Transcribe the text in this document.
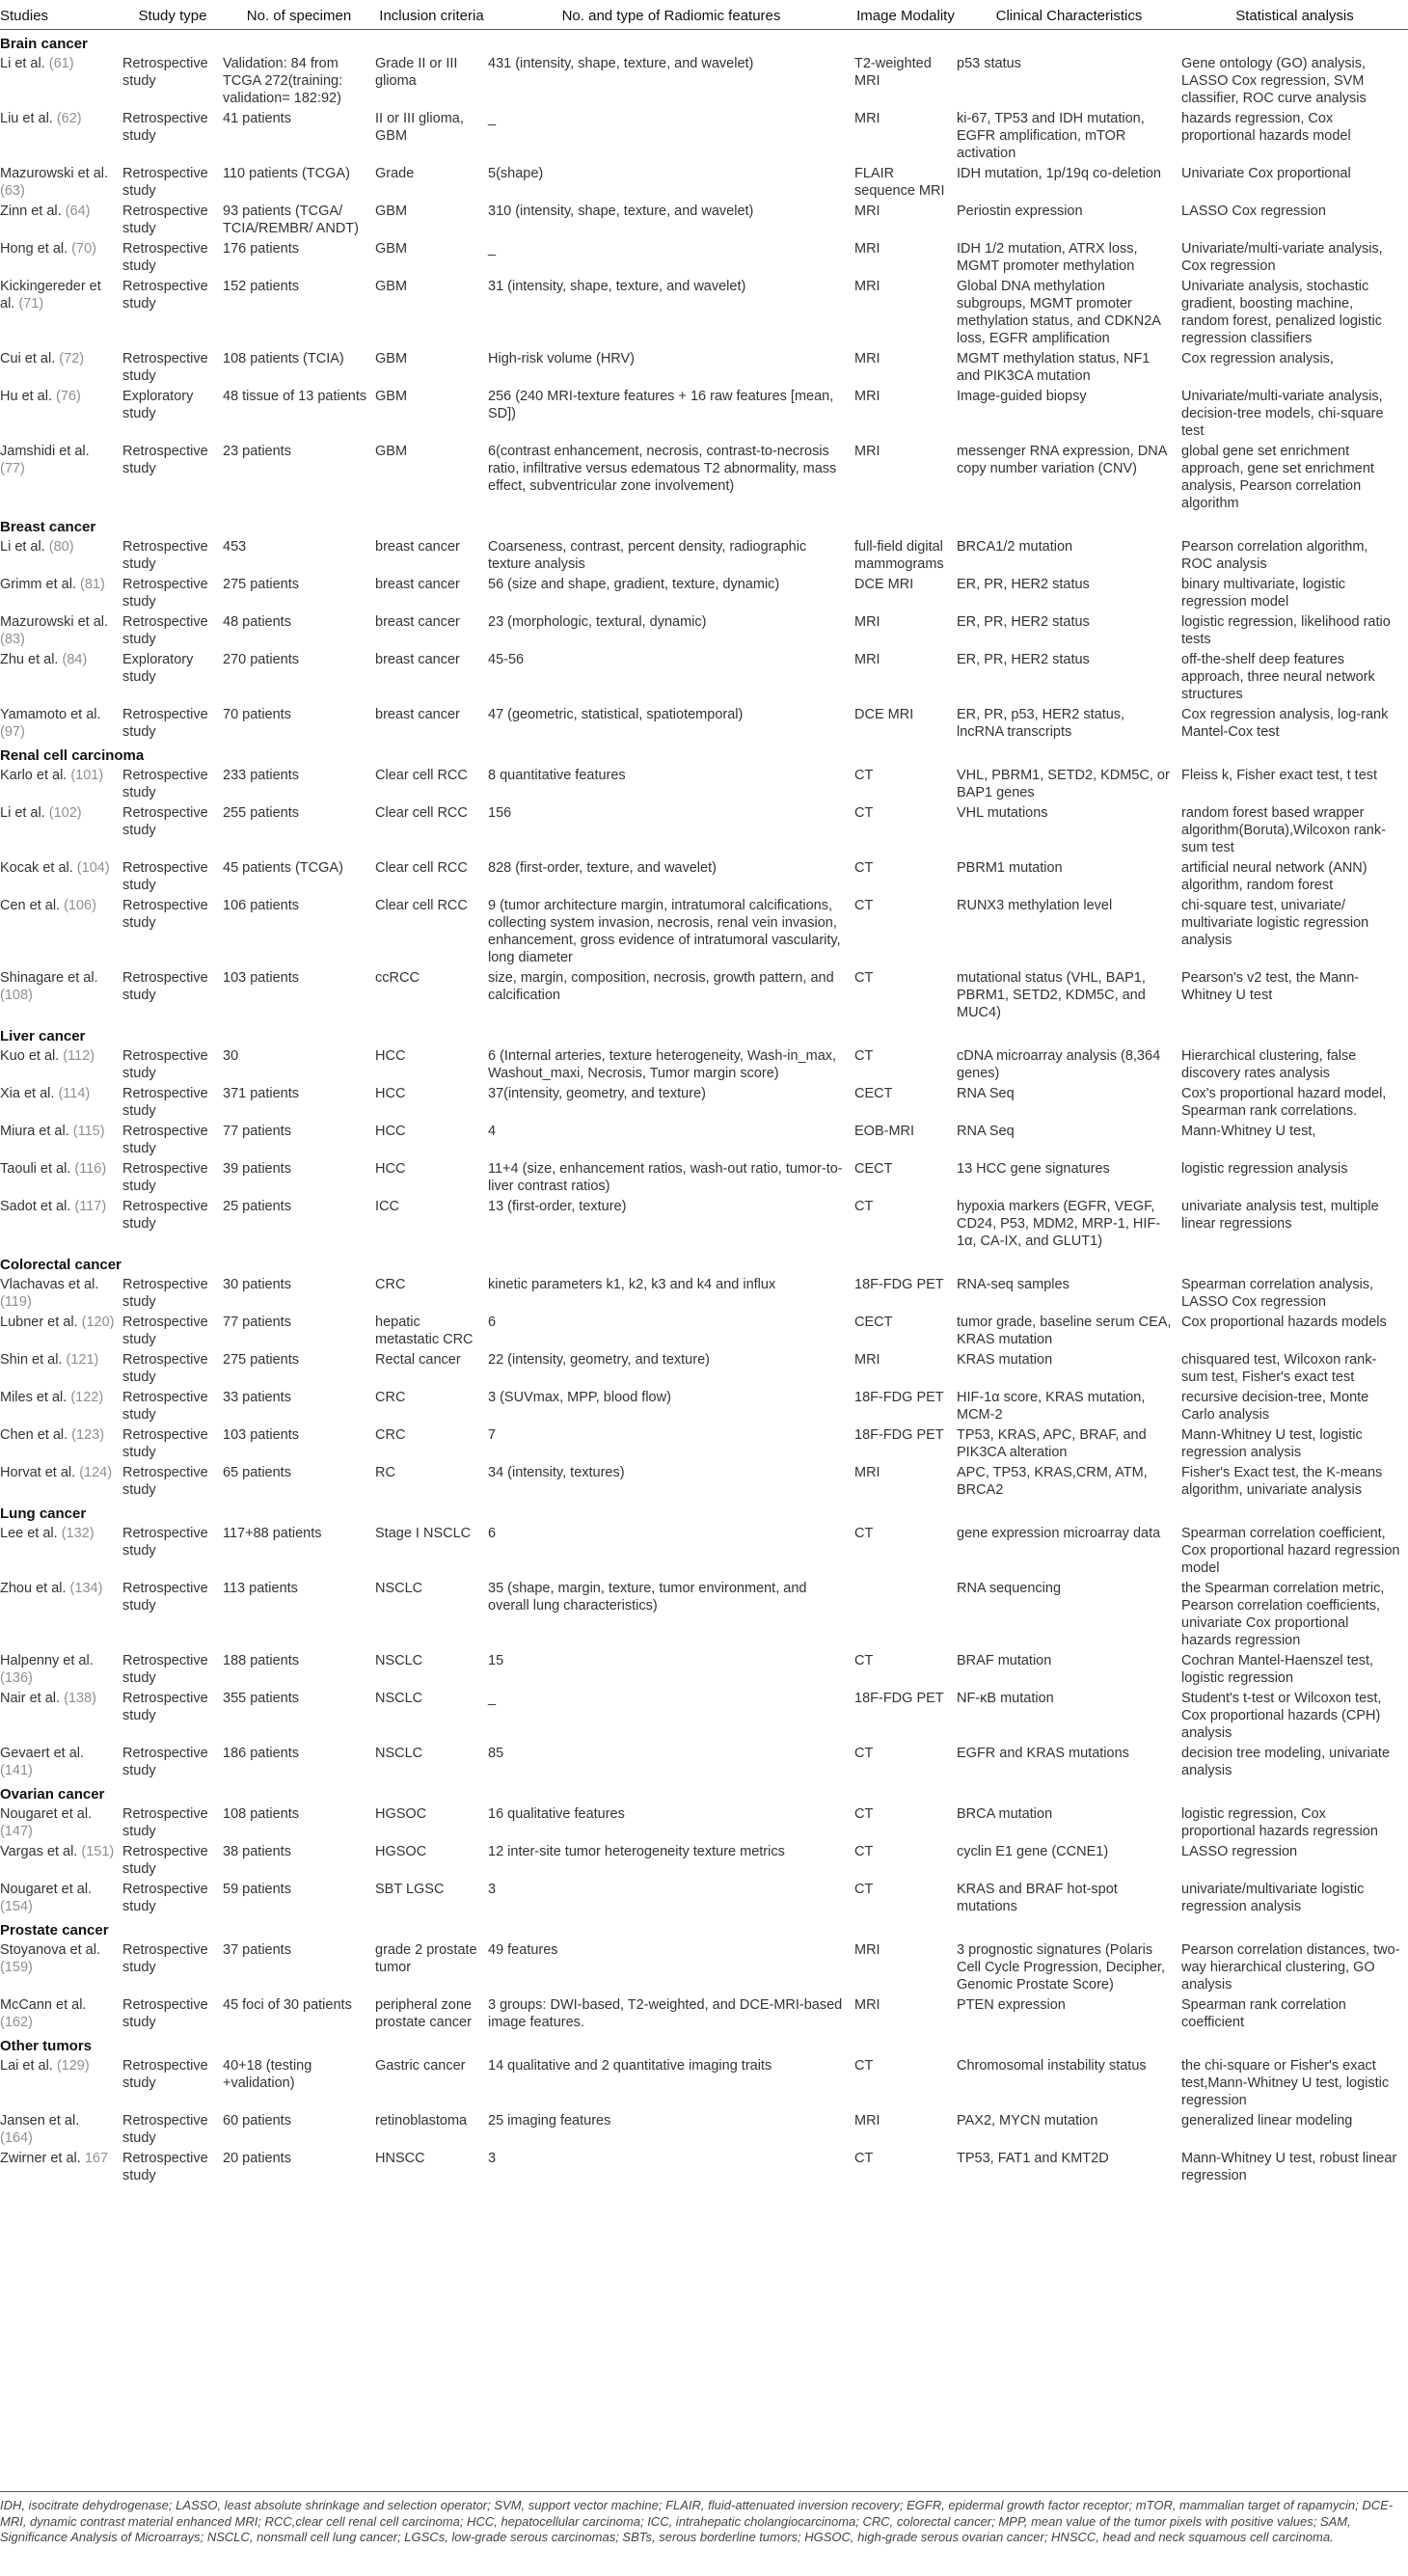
Studies	Study type	No. of specimen	Inclusion criteria	No. and type of Radiomic features	Image Modality	Clinical Characteristics	Statistical analysis
Brain cancer							
Li et al. (61)	Retrospective study	Validation: 84 from TCGA 272(training: validation= 182:92)	Grade II or III glioma	431 (intensity, shape, texture, and wavelet)	T2-weighted MRI	p53 status	Gene ontology (GO) analysis, LASSO Cox regression, SVM classifier, ROC curve analysis
Liu et al. (62)	Retrospective study	41 patients	II or III glioma, GBM	_	MRI	ki-67, TP53 and IDH mutation, EGFR amplification, mTOR activation	hazards regression, Cox proportional hazards model
Mazurowski et al. (63)	Retrospective study	110 patients (TCGA)	Grade	5(shape)	FLAIR sequence MRI	IDH mutation, 1p/19q co-deletion	Univariate Cox proportional
Zinn et al. (64)	Retrospective study	93 patients (TCGA/ TCIA/REMBR/ ANDT)	GBM	310 (intensity, shape, texture, and wavelet)	MRI	Periostin expression	LASSO Cox regression
Hong et al. (70)	Retrospective study	176 patients	GBM	_	MRI	IDH 1/2 mutation, ATRX loss, MGMT promoter methylation	Univariate/multi-variate analysis, Cox regression
Kickingereder et al. (71)	Retrospective study	152 patients	GBM	31 (intensity, shape, texture, and wavelet)	MRI	Global DNA methylation subgroups, MGMT promoter methylation status, and CDKN2A loss, EGFR amplification	Univariate analysis, stochastic gradient, boosting machine, random forest, penalized logistic regression classifiers
Cui et al. (72)	Retrospective study	108 patients (TCIA)	GBM	High-risk volume (HRV)	MRI	MGMT methylation status, NF1 and PIK3CA mutation	Cox regression analysis,
Hu et al. (76)	Exploratory study	48 tissue of 13 patients	GBM	256 (240 MRI-texture features + 16 raw features [mean, SD])	MRI	Image-guided biopsy	Univariate/multi-variate analysis, decision-tree models, chi-square test
Jamshidi et al. (77)	Retrospective study	23 patients	GBM	6(contrast enhancement, necrosis, contrast-to-necrosis ratio, infiltrative versus edematous T2 abnormality, mass effect, subventricular zone involvement)	MRI	messenger RNA expression, DNA copy number variation (CNV)	global gene set enrichment approach, gene set enrichment analysis, Pearson correlation algorithm
Breast cancer							
Li et al. (80)	Retrospective study	453	breast cancer	Coarseness, contrast, percent density, radiographic texture analysis	full-field digital mammograms	BRCA1/2 mutation	Pearson correlation algorithm, ROC analysis
Grimm et al. (81)	Retrospective study	275 patients	breast cancer	56 (size and shape, gradient, texture, dynamic)	DCE MRI	ER, PR, HER2 status	binary multivariate, logistic regression model
Mazurowski et al. (83)	Retrospective study	48 patients	breast cancer	23 (morphologic, textural, dynamic)	MRI	ER, PR, HER2 status	logistic regression, likelihood ratio tests
Zhu et al. (84)	Exploratory study	270 patients	breast cancer	45-56	MRI	ER, PR, HER2 status	off-the-shelf deep features approach, three neural network structures
Yamamoto et al. (97)	Retrospective study	70 patients	breast cancer	47 (geometric, statistical, spatiotemporal)	DCE MRI	ER, PR, p53, HER2 status, lncRNA transcripts	Cox regression analysis, log-rank Mantel-Cox test
Renal cell carcinoma							
Karlo et al. (101)	Retrospective study	233 patients	Clear cell RCC	8 quantitative features	CT	VHL, PBRM1, SETD2, KDM5C, or BAP1 genes	Fleiss k, Fisher exact test, t test
Li et al. (102)	Retrospective study	255 patients	Clear cell RCC	156	CT	VHL mutations	random forest based wrapper algorithm(Boruta),Wilcoxon rank-sum test
Kocak et al. (104)	Retrospective study	45 patients (TCGA)	Clear cell RCC	828 (first-order, texture, and wavelet)	CT	PBRM1 mutation	artificial neural network (ANN) algorithm, random forest
Cen et al. (106)	Retrospective study	106 patients	Clear cell RCC	9 (tumor architecture margin, intratumoral calcifications, collecting system invasion, necrosis, renal vein invasion, enhancement, gross evidence of intratumoral vascularity, long diameter	CT	RUNX3 methylation level	chi-square test, univariate/ multivariate logistic regression analysis
Shinagare et al. (108)	Retrospective study	103 patients	ccRCC	size, margin, composition, necrosis, growth pattern, and calcification	CT	mutational status (VHL, BAP1, PBRM1, SETD2, KDM5C, and MUC4)	Pearson's v2 test, the Mann-Whitney U test
Liver cancer							
Kuo et al. (112)	Retrospective study	30	HCC	6 (Internal arteries, texture heterogeneity, Wash-in_max, Washout_maxi, Necrosis, Tumor margin score)	CT	cDNA microarray analysis (8,364 genes)	Hierarchical clustering, false discovery rates analysis
Xia et al. (114)	Retrospective study	371 patients	HCC	37(intensity, geometry, and texture)	CECT	RNA Seq	Cox's proportional hazard model, Spearman rank correlations.
Miura et al. (115)	Retrospective study	77 patients	HCC	4	EOB-MRI	RNA Seq	Mann-Whitney U test,
Taouli et al. (116)	Retrospective study	39 patients	HCC	11+4 (size, enhancement ratios, wash-out ratio, tumor-to-liver contrast ratios)	CECT	13 HCC gene signatures	logistic regression analysis
Sadot et al. (117)	Retrospective study	25 patients	ICC	13 (first-order, texture)	CT	hypoxia markers (EGFR, VEGF, CD24, P53, MDM2, MRP-1, HIF-1α, CA-IX, and GLUT1)	univariate analysis test, multiple linear regressions
Colorectal cancer							
Vlachavas et al. (119)	Retrospective study	30 patients	CRC	kinetic parameters k1, k2, k3 and k4 and influx	18F-FDG PET	RNA-seq samples	Spearman correlation analysis, LASSO Cox regression
Lubner et al. (120)	Retrospective study	77 patients	hepatic metastatic CRC	6	CECT	tumor grade, baseline serum CEA, KRAS mutation	Cox proportional hazards models
Shin et al. (121)	Retrospective study	275 patients	Rectal cancer	22 (intensity, geometry, and texture)	MRI	KRAS mutation	chisquared test, Wilcoxon rank-sum test, Fisher's exact test
Miles et al. (122)	Retrospective study	33 patients	CRC	3 (SUVmax, MPP, blood flow)	18F-FDG PET	HIF-1α score, KRAS mutation, MCM-2	recursive decision-tree, Monte Carlo analysis
Chen et al. (123)	Retrospective study	103 patients	CRC	7	18F-FDG PET	TP53, KRAS, APC, BRAF, and PIK3CA alteration	Mann-Whitney U test, logistic regression analysis
Horvat et al. (124)	Retrospective study	65 patients	RC	34 (intensity, textures)	MRI	APC, TP53, KRAS,CRM, ATM, BRCA2	Fisher's Exact test, the K-means algorithm, univariate analysis
Lung cancer							
Lee et al. (132)	Retrospective study	117+88 patients	Stage I NSCLC	6	CT	gene expression microarray data	Spearman correlation coefficient, Cox proportional hazard regression model
Zhou et al. (134)	Retrospective study	113 patients	NSCLC	35 (shape, margin, texture, tumor environment, and overall lung characteristics)		RNA sequencing	the Spearman correlation metric, Pearson correlation coefficients, univariate Cox proportional hazards regression
Halpenny et al. (136)	Retrospective study	188 patients	NSCLC	15	CT	BRAF mutation	Cochran Mantel-Haenszel test, logistic regression
Nair et al. (138)	Retrospective study	355 patients	NSCLC	_	18F-FDG PET	NF-κB mutation	Student's t-test or Wilcoxon test, Cox proportional hazards (CPH) analysis
Gevaert et al. (141)	Retrospective study	186 patients	NSCLC	85	CT	EGFR and KRAS mutations	decision tree modeling, univariate analysis
Ovarian cancer							
Nougaret et al. (147)	Retrospective study	108 patients	HGSOC	16 qualitative features	CT	BRCA mutation	logistic regression, Cox proportional hazards regression
Vargas et al. (151)	Retrospective study	38 patients	HGSOC	12 inter-site tumor heterogeneity texture metrics	CT	cyclin E1 gene (CCNE1)	LASSO regression
Nougaret et al. (154)	Retrospective study	59 patients	SBT LGSC	3	CT	KRAS and BRAF hot-spot mutations	univariate/multivariate logistic regression analysis
Prostate cancer							
Stoyanova et al. (159)	Retrospective study	37 patients	grade 2 prostate tumor	49 features	MRI	3 prognostic signatures (Polaris Cell Cycle Progression, Decipher, Genomic Prostate Score)	Pearson correlation distances, two-way hierarchical clustering, GO analysis
McCann et al. (162)	Retrospective study	45 foci of 30 patients	peripheral zone prostate cancer	3 groups: DWI-based, T2-weighted, and DCE-MRI-based image features.	MRI	PTEN expression	Spearman rank correlation coefficient
Other tumors							
Lai et al. (129)	Retrospective study	40+18 (testing +validation)	Gastric cancer	14 qualitative and 2 quantitative imaging traits	CT	Chromosomal instability status	the chi-square or Fisher's exact test,Mann-Whitney U test, logistic regression
Jansen et al. (164)	Retrospective study	60 patients	retinoblastoma	25 imaging features	MRI	PAX2, MYCN mutation	generalized linear modeling
Zwirner et al. 167	Retrospective study	20 patients	HNSCC	3	CT	TP53, FAT1 and KMT2D	Mann-Whitney U test, robust linear regression

IDH, isocitrate dehydrogenase; LASSO, least absolute shrinkage and selection operator; SVM, support vector machine; FLAIR, fluid-attenuated inversion recovery; EGFR, epidermal growth factor receptor; mTOR, mammalian target of rapamycin; DCE-MRI, dynamic contrast material enhanced MRI; RCC,clear cell renal cell carcinoma; HCC, hepatocellular carcinoma; ICC, intrahepatic cholangiocarcinoma; CRC, colorectal cancer; MPP, mean value of the tumor pixels with positive values; SAM, Significance Analysis of Microarrays; NSCLC, nonsmall cell lung cancer; LGSCs, low-grade serous carcinomas; SBTs, serous borderline tumors; HGSOC, high-grade serous ovarian cancer; HNSCC, head and neck squamous cell carcinoma.
